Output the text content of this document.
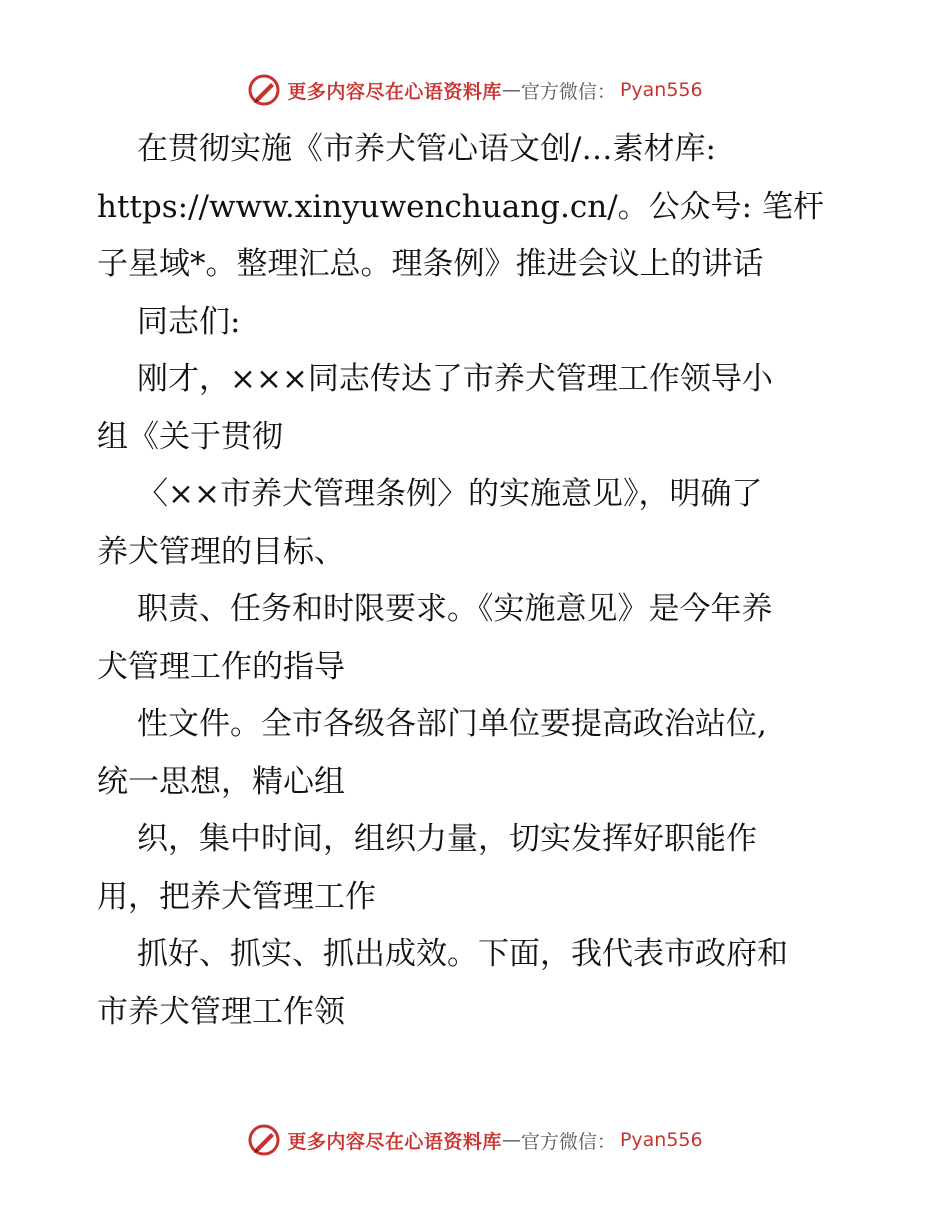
更多内容尽在心语资料库 — 官方微信： Pyan556
在贯彻实施《市养犬管心语文创/…素材库:
https://www.xinyuwenchuang.cn/。公众号: 笔杆
子星域*。整理汇总。理条例》推进会议上的讲话
同志们:
刚才，×××同志传达了市养犬管理工作领导小
组《关于贯彻
〈××市养犬管理条例〉的实施意见》，明确了
养犬管理的目标、
职责、任务和时限要求。《实施意见》是今年养
犬管理工作的指导
性文件。全市各级各部门单位要提高政治站位,
统一思想，精心组
织，集中时间，组织力量，切实发挥好职能作
用，把养犬管理工作
抓好、抓实、抓出成效。下面，我代表市政府和
市养犬管理工作领
更多内容尽在心语资料库 — 官方微信： Pyan556
